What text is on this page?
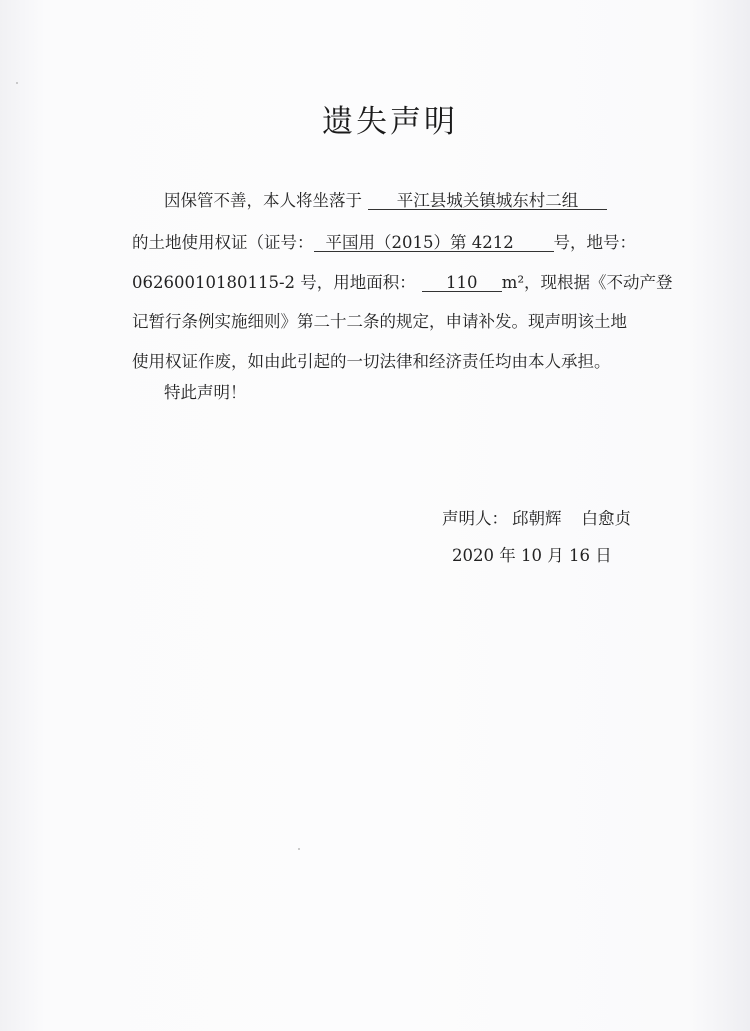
遗失声明
因保管不善，本人将坐落于 平江县城关镇城东村二组
的土地使用权证（证号： 平国用（2015）第 4212 号，地号：
06260010180115-2 号，用地面积： 110 m²，现根据《不动产登
记暂行条例实施细则》第二十二条的规定，申请补发。现声明该土地
使用权证作废，如由此引起的一切法律和经济责任均由本人承担。
特此声明！
声明人： 邱朝辉 白愈贞
2020 年 10 月 16 日
